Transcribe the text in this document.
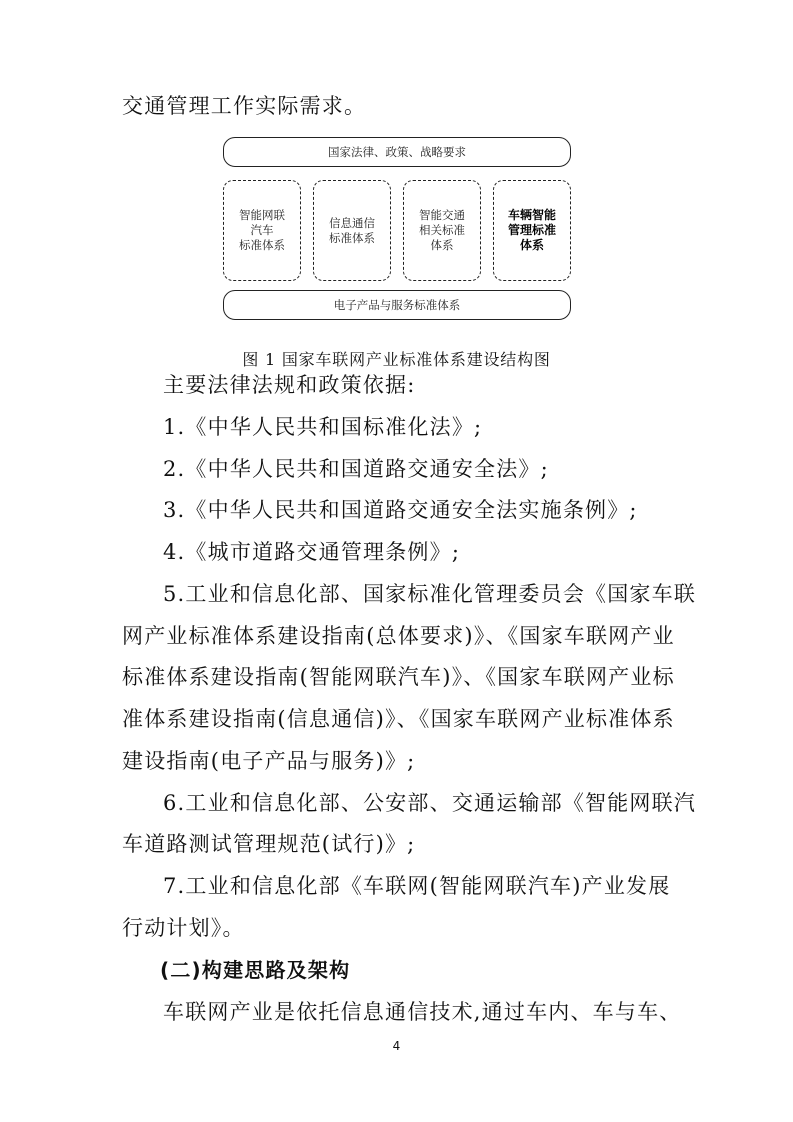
交通管理工作实际需求。

国家法律、政策、战略要求
智能网联
汽车
标准体系
信息通信
标准体系
智能交通
相关标准
体系
车辆智能
管理标准
体系
电子产品与服务标准体系

图 1 国家车联网产业标准体系建设结构图

主要法律法规和政策依据:

1.《中华人民共和国标准化法》;

2.《中华人民共和国道路交通安全法》;

3.《中华人民共和国道路交通安全法实施条例》;

4.《城市道路交通管理条例》;

5.工业和信息化部、国家标准化管理委员会《国家车联

网产业标准体系建设指南(总体要求)》、《国家车联网产业

标准体系建设指南(智能网联汽车)》、《国家车联网产业标

准体系建设指南(信息通信)》、《国家车联网产业标准体系

建设指南(电子产品与服务)》;

6.工业和信息化部、公安部、交通运输部《智能网联汽

车道路测试管理规范(试行)》;

7.工业和信息化部《车联网(智能网联汽车)产业发展

行动计划》。

(二)构建思路及架构

车联网产业是依托信息通信技术,通过车内、车与车、

4
